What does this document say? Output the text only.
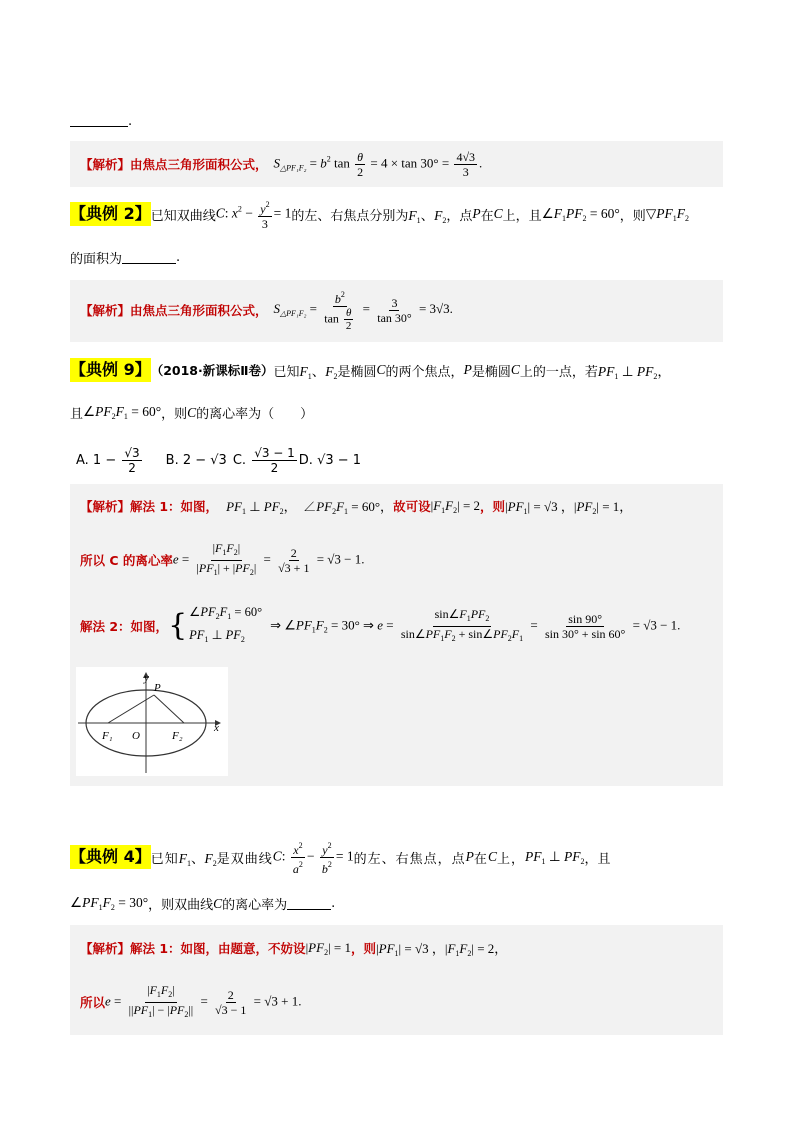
.
【解析】由焦点三角形面积公式， $S_{\triangle PF_1F_2} = b^2$ $\tan \frac{\theta}{2} = 4 \times \tan 30^\circ = \frac{4√3}{3}$ .
【典例 2】 已知双曲线 C: $x^2 - \frac{y^2}{3} = 1$ 的左、右焦点分别为 $F_1$、$F_2$ ，点 P 在 C 上，且 $\angle F_1PF_2 = 60^\circ$ ，则 $▽PF_1F_2$
的面积为	.
【解析】由焦点三角形面积公式， $S_{\triangle PF_1F_2} = \frac{b^2}{\tan \frac{\theta}{2}} = \frac{3}{\tan 30^\circ} = 3√3$.
【典例 9】 （2018·新课标Ⅱ卷） 已知 $F_1$、$F_2$ 是椭圆 C 的两个焦点， P 是椭圆 C 上的一点，若 $PF_1$ ⊥ $PF_2$，
且 $\angle PF_2F_1 = 60^\circ$ ，则 C 的离心率为（　　）
A. $1 - \frac{√3}{2} B$. 2 − √3 C. $\frac{√3 - 1}{2} D$. √3 − 1
【解析】解法 1：如图， $PF_1$ ⊥ $PF_2$，　$\angle PF_2F_1 = 60^\circ$， 故可设 $|F_1F_2| = 2$ ，则 $|PF_1| = √3$ ，$|PF_2| = 1$，
所以 C 的离心率 $e = \frac{|F_1F_2|}{|PF_1| + |PF_2|} = \frac{2}{√3 + 1} = √3 - 1$.
解法 2：如图， { $\angle PF_2F_1 = 60^\circ$
$PF_1$ ⊥ $PF_2$
⇒ $\angle PF_1F_2 = 30^\circ$ ⇒ $e = \frac{\sin\angle F_1PF_2}{\sin\angle PF_1F_2 + \sin\angle PF_2F_1} = \frac{\sin 90^\circ}{\sin 30^\circ + \sin 60^\circ} = √3 - 1$.
y
x
P
O
F₁	F₂
【典例 4】 已知 $F_1$、$F_2$ 是双曲线 C: $\frac{x^2}{a^2} - \frac{y^2}{b^2} = 1$ 的左、右焦点，点 P 在 C 上， $PF_1$ ⊥ $PF_2$ ，且
$\angle PF_1F_2 = 30^\circ$ ，则双曲线 C 的离心率为	.
【解析】解法 1：如图，由题意，不妨设 $|PF_2| = 1$ ，则 $|PF_1| = √3$ ，$|F_1F_2| = 2$，
所以 $e = \frac{|F_1F_2|}{||PF_1| - |PF_2||} = \frac{2}{√3 - 1} = √3 + 1$.
